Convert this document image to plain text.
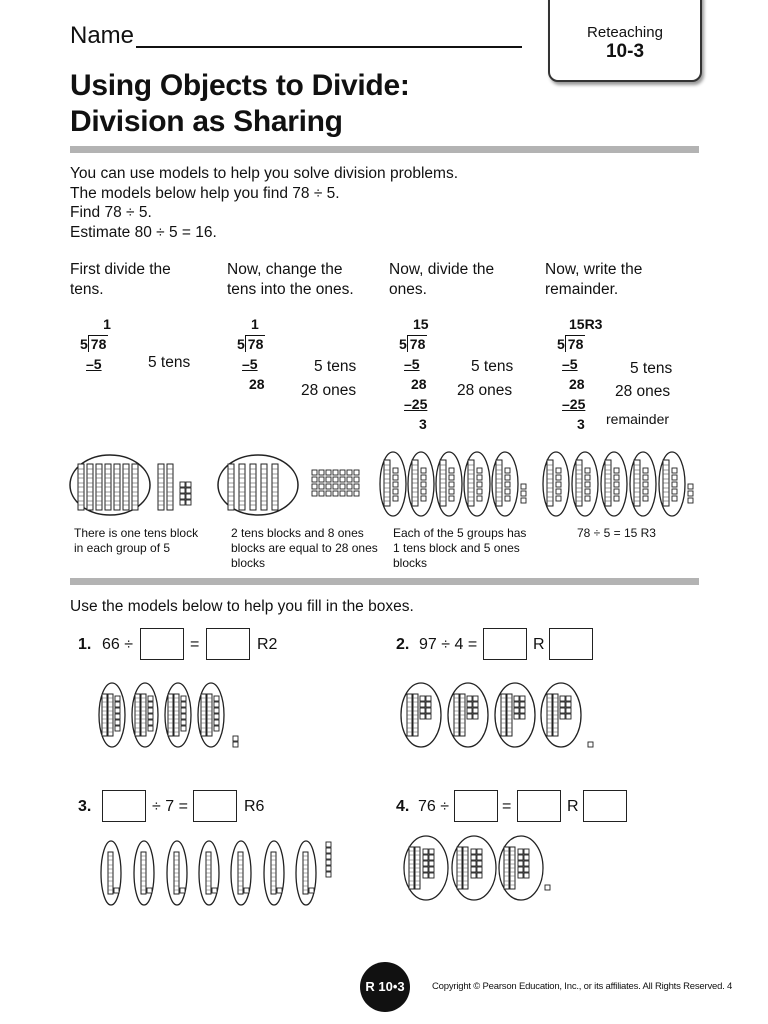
Name	Reteaching
10-3
Using Objects to Divide:
Division as Sharing
You can use models to help you solve division problems.
The models below help you find 78 ÷ 5.
Find 78 ÷ 5.
Estimate 80 ÷ 5 = 16.
First divide the
tens.
Now, change the
tens into the ones.
Now, divide the
ones.
Now, write the
remainder.
1
5 78
–5	5 tens
1
5 78
–5
28
5 tens
28 ones
15
5 78
–5
28
–25
3
5 tens
28 ones
15R3
5 78
–5
28
–25
3
5 tens
28 ones
remainder
There is one tens block
in each group of 5
2 tens blocks and 8 ones
blocks are equal to 28 ones
blocks
Each of the 5 groups has
1 tens block and 5 ones
blocks
78 ÷ 5 = 15 R3
Use the models below to help you fill in the boxes.
1. 66 ÷	=	R2	2. 97 ÷ 4 =	R
3.	÷ 7 =	R6	4. 76 ÷	=	R
R 10•3	Copyright © Pearson Education, Inc., or its affiliates. All Rights Reserved. 4
